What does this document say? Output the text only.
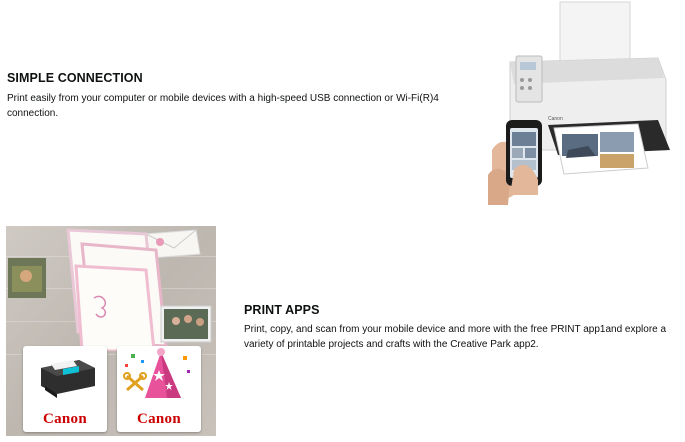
SIMPLE CONNECTION

Print easily from your computer or mobile devices with a high-speed USB connection or Wi-Fi(R)4 connection.	Canon
Canon	Canon
PRINT APPS

Print, copy, and scan from your mobile device and more with the free PRINT app1and explore a variety of printable projects and crafts with the Creative Park app2.
